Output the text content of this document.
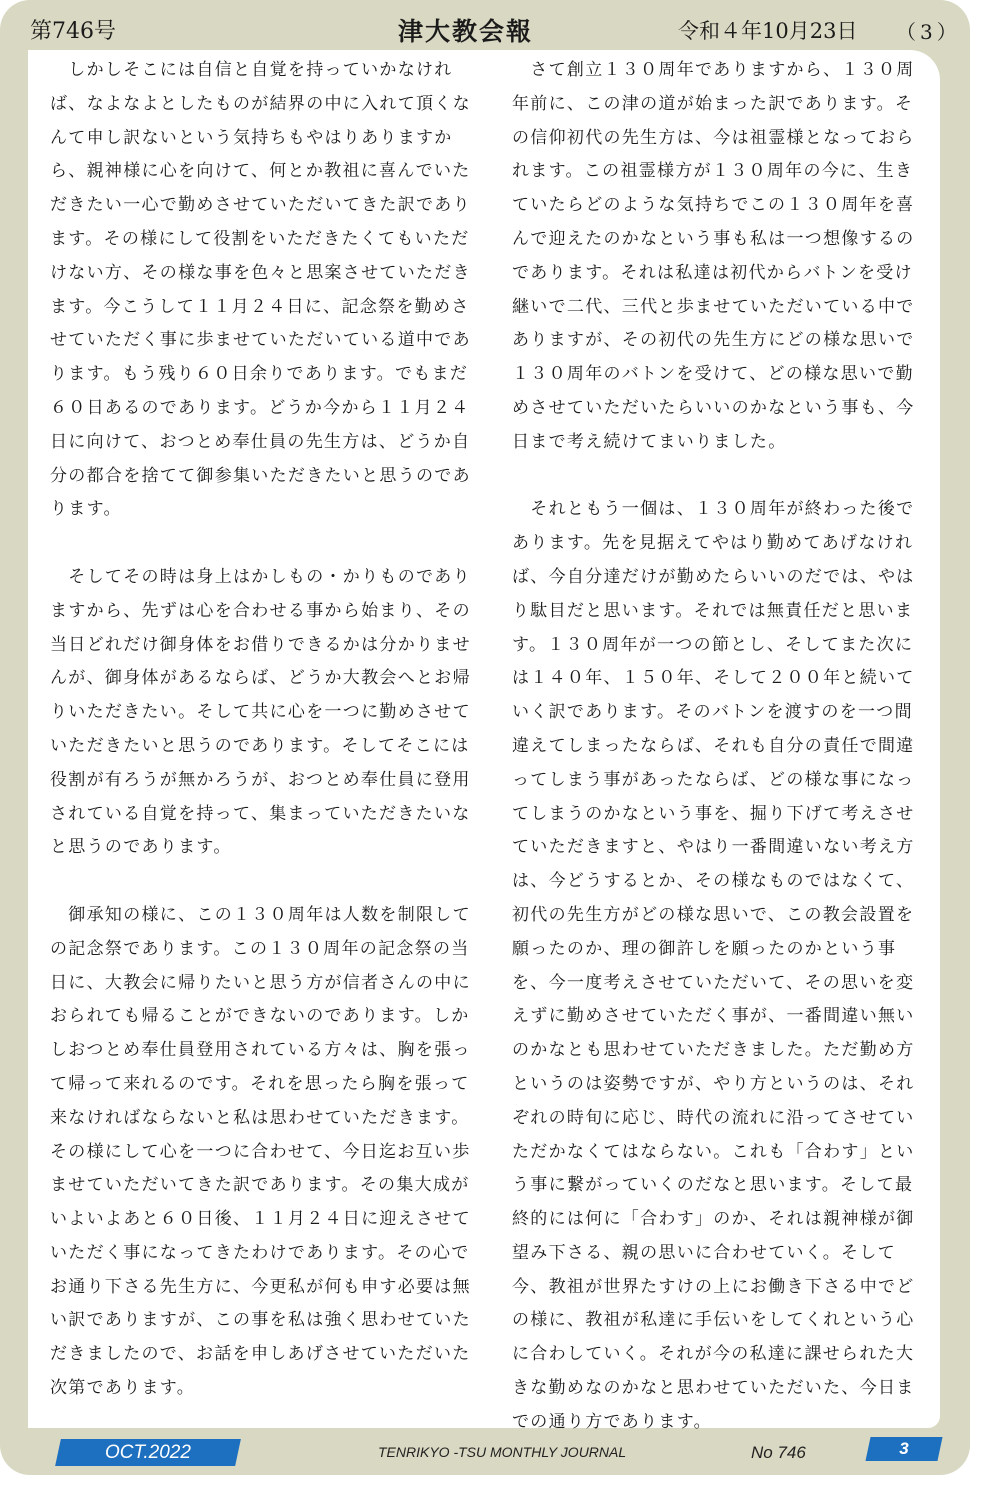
第746号	津大教会報	令和４年10月23日 （3）

　しかしそこには自信と自覚を持っていかなければ、なよなよとしたものが結界の中に入れて頂くなんて申し訳ないという気持ちもやはりありますから、親神様に心を向けて、何とか教祖に喜んでいただきたい一心で勤めさせていただいてきた訳であります。その様にして役割をいただきたくてもいただけない方、その様な事を色々と思案させていただきます。今こうして１１月２４日に、記念祭を勤めさせていただく事に歩ませていただいている道中であります。もう残り６０日余りであります。でもまだ６０日あるのであります。どうか今から１１月２４日に向けて、おつとめ奉仕員の先生方は、どうか自分の都合を捨てて御参集いただきたいと思うのであります。

　そしてその時は身上はかしもの・かりものでありますから、先ずは心を合わせる事から始まり、その当日どれだけ御身体をお借りできるかは分かりませんが、御身体があるならば、どうか大教会へとお帰りいただきたい。そして共に心を一つに勤めさせていただきたいと思うのであります。そしてそこには役割が有ろうが無かろうが、おつとめ奉仕員に登用されている自覚を持って、集まっていただきたいなと思うのであります。

　御承知の様に、この１３０周年は人数を制限しての記念祭であります。この１３０周年の記念祭の当日に、大教会に帰りたいと思う方が信者さんの中におられても帰ることができないのであります。しかしおつとめ奉仕員登用されている方々は、胸を張って帰って来れるのです。それを思ったら胸を張って来なければならないと私は思わせていただきます。その様にして心を一つに合わせて、今日迄お互い歩ませていただいてきた訳であります。その集大成がいよいよあと６０日後、１１月２４日に迎えさせていただく事になってきたわけであります。その心でお通り下さる先生方に、今更私が何も申す必要は無い訳でありますが、この事を私は強く思わせていただきましたので、お話を申しあげさせていただいた次第であります。

　さて創立１３０周年でありますから、１３０周年前に、この津の道が始まった訳であります。その信仰初代の先生方は、今は祖霊様となっておられます。この祖霊様方が１３０周年の今に、生きていたらどのような気持ちでこの１３０周年を喜んで迎えたのかなという事も私は一つ想像するのであります。それは私達は初代からバトンを受け継いで二代、三代と歩ませていただいている中でありますが、その初代の先生方にどの様な思いで１３０周年のバトンを受けて、どの様な思いで勤めさせていただいたらいいのかなという事も、今日まで考え続けてまいりました。

　それともう一個は、１３０周年が終わった後であります。先を見据えてやはり勤めてあげなければ、今自分達だけが勤めたらいいのだでは、やはり駄目だと思います。それでは無責任だと思います。１３０周年が一つの節とし、そしてまた次には１４０年、１５０年、そして２００年と続いていく訳であります。そのバトンを渡すのを一つ間違えてしまったならば、それも自分の責任で間違ってしまう事があったならば、どの様な事になってしまうのかなという事を、掘り下げて考えさせていただきますと、やはり一番間違いない考え方は、今どうするとか、その様なものではなくて、初代の先生方がどの様な思いで、この教会設置を願ったのか、理の御許しを願ったのかという事を、今一度考えさせていただいて、その思いを変えずに勤めさせていただく事が、一番間違い無いのかなとも思わせていただきました。ただ勤め方というのは姿勢ですが、やり方というのは、それぞれの時旬に応じ、時代の流れに沿ってさせていただかなくてはならない。これも「合わす」という事に繋がっていくのだなと思います。そして最終的には何に「合わす」のか、それは親神様が御望み下さる、親の思いに合わせていく。そして今、教祖が世界たすけの上にお働き下さる中でどの様に、教祖が私達に手伝いをしてくれという心に合わしていく。それが今の私達に課せられた大きな勤めなのかなと思わせていただいた、今日までの通り方であります。

OCT.2022	TENRIKYO -TSU MONTHLY JOURNAL	No 746	3
